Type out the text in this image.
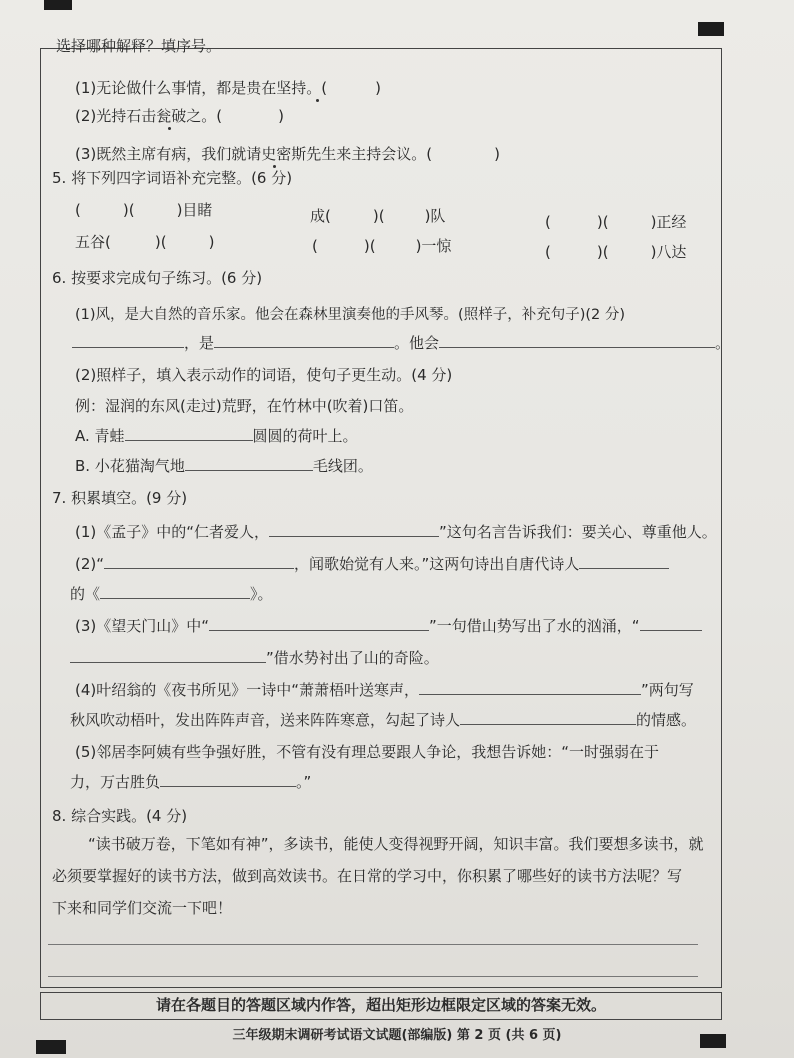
选择哪种解释？填序号。
(1)无论做什么事情，都是贵在坚持。(	)
(2)光持石击瓮破之。(	)
(3)既然主席有病，我们就请史密斯先生来主持会议。(	)
5. 将下列四字词语补充完整。(6 分)
(	)(	)目睹	成(	)(	)队	(	)(	)正经
五谷(	)(	)	(	)(	)一惊	(	)(	)八达
6. 按要求完成句子练习。(6 分)
(1)风，是大自然的音乐家。他会在森林里演奏他的手风琴。(照样子，补充句子)(2 分)
，是	。他会	。
(2)照样子，填入表示动作的词语，使句子更生动。(4 分)
例：湿润的东风(走过)荒野，在竹林中(吹着)口笛。
A. 青蛙	圆圆的荷叶上。
B. 小花猫淘气地	毛线团。
7. 积累填空。(9 分)
(1)《孟子》中的“仁者爱人，	”这句名言告诉我们：要关心、尊重他人。
(2)“	，闻歌始觉有人来。”这两句诗出自唐代诗人
的《	》。
(3)《望天门山》中“	”一句借山势写出了水的汹涌，“
”借水势衬出了山的奇险。
(4)叶绍翁的《夜书所见》一诗中“萧萧梧叶送寒声，	”两句写
秋风吹动梧叶，发出阵阵声音，送来阵阵寒意，勾起了诗人	的情感。
(5)邻居李阿姨有些争强好胜，不管有没有理总要跟人争论，我想告诉她：“一时强弱在于
力，万古胜负	。”
8. 综合实践。(4 分)
“读书破万卷，下笔如有神”，多读书，能使人变得视野开阔，知识丰富。我们要想多读书，就
必须要掌握好的读书方法，做到高效读书。在日常的学习中，你积累了哪些好的读书方法呢？写
下来和同学们交流一下吧！
请在各题目的答题区域内作答，超出矩形边框限定区域的答案无效。
三年级期末调研考试语文试题(部编版) 第 2 页 (共 6 页)
